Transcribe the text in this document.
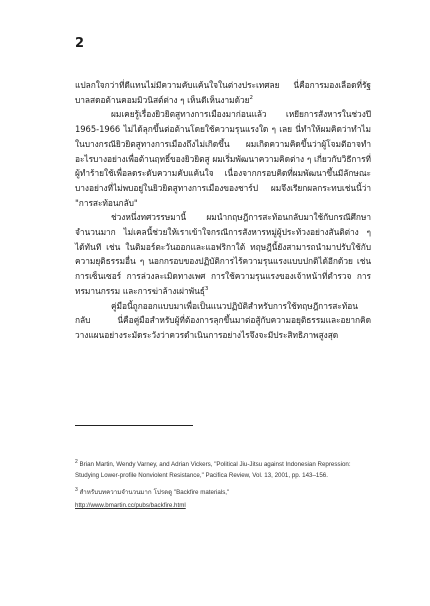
2

แปลกใจกว่าที่ดีแทนไม่มีความคับแค้นใจในต่างประเทศลย นี่คือการมองเลือดที่รัฐบาลสดอต้านคอมมิวนิสต์ต่าง ๆ เห็นดีเห็นงามด้วย$^2$

ผมเคยรู้เรื่องยิวยิตสูทางการเมืองมาก่อนแล้ว เหยียการสังหารในช่วงปี 1965-1966 ไม่ได้ลุกขึ้นต่อต้านโดยใช้ความรุนแรงใด ๆ เลย นี่ทำให้ผมคิดว่าทำไมในบางกรณียิวยิตสูทางการเมืองถึงไม่เกิดขึ้น ผมเกิดความคิดขึ้นว่าผู้โจมตีอาจทำอะไรบางอย่างเพื่อต้านฤทธิ์ของยิวยิตสู ผมเริ่มพัฒนาความคิดต่าง ๆ เกี่ยวกับวิธีการที่ผู้ทำร้ายใช้เพื่อลดระดับความคับแค้นใจ เนื่องจากกรอบคิดที่ผมพัฒนาขึ้นมีลักษณะบางอย่างที่ไม่พบอยู่ในยิวยิตสูทางการเมืองของชาร์ป ผมจึงเรียกผลกระทบเช่นนี้ว่า "การสะท้อนกลับ"

ช่วงหนึ่งทศวรรษมานี้ ผมนำกฤษฎีการสะท้อนกลับมาใช้กับกรณีศึกษาจำนวนมาก ไม่เคลนี้ช่วยให้เราเข้าใจกรณีการสังหารหมู่ผู้ประท้วงอย่างสันติต่าง ๆ ได้ทันที เช่น ในติมอร์ตะวันออกและแอฟริกาใต้ ทฤษฎีนี้ยังสามารถนำมาปรับใช้กับความยุติธรรมอื่น ๆ นอกกรอบของปฏิบัติการไร้ความรุนแรงแบบปกติได้อีกด้วย เช่น การเซ็นเซอร์ การล่วงละเมิดทางเพศ การใช้ความรุนแรงของเจ้าหน้าที่ตำรวจ การทรมานกรรม และการฆ่าล้างเผ่าพันธุ์$^3$

คู่มือนี้ถูกออกแบบมาเพื่อเป็นแนวปฏิบัติสำหรับการใช้ทฤษฎีการสะท้อนกลับ นี่คือคู่มือสำหรับผู้ที่ต้องการลุกขึ้นมาต่อสู้กับความอยุติธรรมและอยากคิดวางแผนอย่างระมัดระวังว่าควรดำเนินการอย่างไรจึงจะมีประสิทธิภาพสูงสุด

$^2$ Brian Martin, Wendy Varney, and Adrian Vickers, "Political Jiu-Jitsu against Indonesian Repression: Studying Lower-profile Nonviolent Resistance," Pacifica Review, Vol. 13, 2001, pp. 143–156.

$^3$ สำหรับบทความจำนวนมาก โปรดดู "Backfire materials,"

http://www.bmartin.cc/pubs/backfire.html
